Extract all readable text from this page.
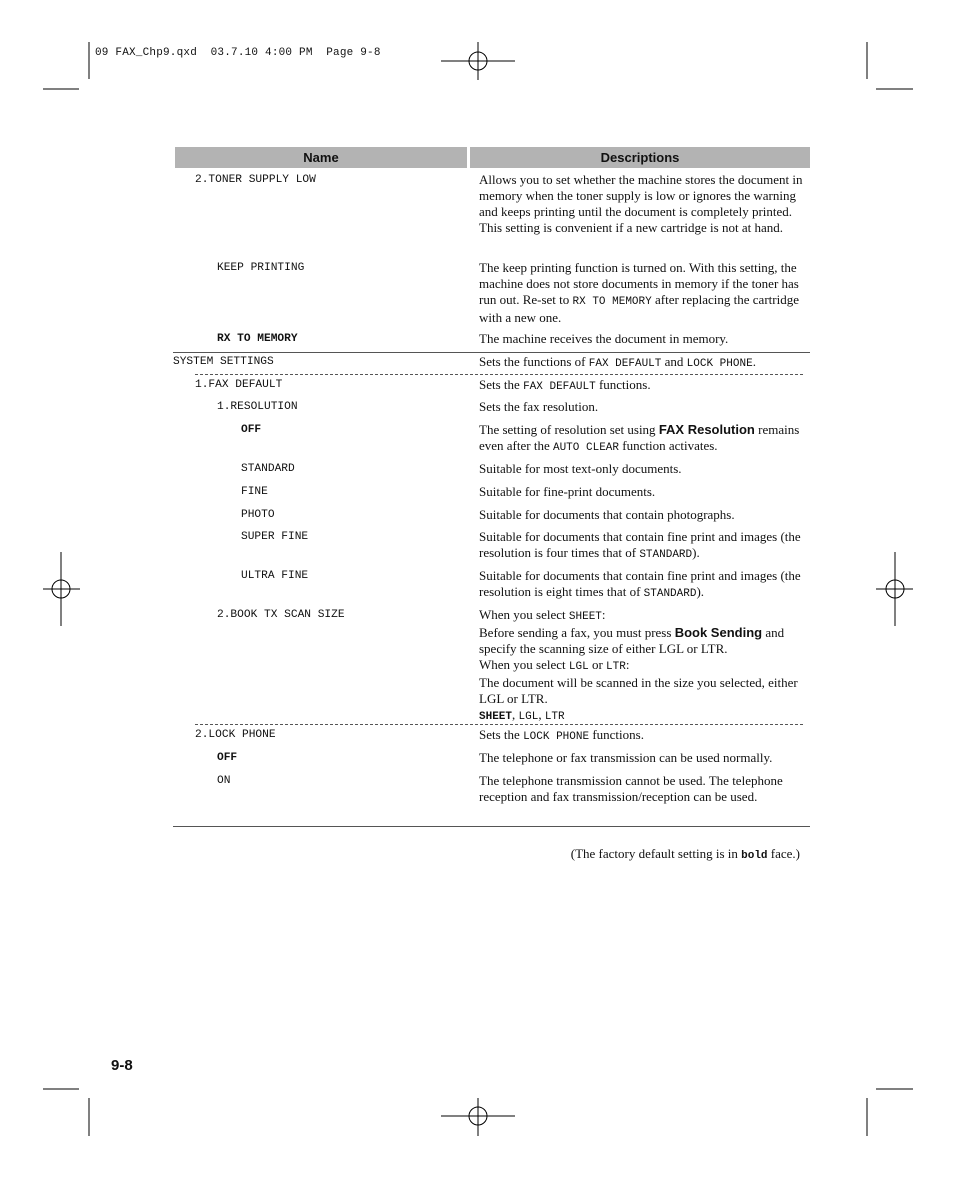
09 FAX_Chp9.qxd  03.7.10 4:00 PM  Page 9-8
Name	Descriptions
2.TONER SUPPLY LOW	Allows you to set whether the machine stores the document in memory when the toner supply is low or ignores the warning and keeps printing until the document is completely printed. This setting is convenient if a new cartridge is not at hand.
KEEP PRINTING	The keep printing function is turned on. With this setting, the machine does not store documents in memory if the toner has run out. Re-set to RX TO MEMORY after replacing the cartridge with a new one.
RX TO MEMORY	The machine receives the document in memory.
SYSTEM SETTINGS	Sets the functions of FAX DEFAULT and LOCK PHONE.
1.FAX DEFAULT	Sets the FAX DEFAULT functions.
1.RESOLUTION	Sets the fax resolution.
OFF	The setting of resolution set using FAX Resolution remains even after the AUTO CLEAR function activates.
STANDARD	Suitable for most text-only documents.
FINE	Suitable for fine-print documents.
PHOTO	Suitable for documents that contain photographs.
SUPER FINE	Suitable for documents that contain fine print and images (the resolution is four times that of STANDARD).
ULTRA FINE	Suitable for documents that contain fine print and images (the resolution is eight times that of STANDARD).
2.BOOK TX SCAN SIZE	When you select SHEET:
Before sending a fax, you must press Book Sending and specify the scanning size of either LGL or LTR.
When you select LGL or LTR:
The document will be scanned in the size you selected, either LGL or LTR.
SHEET, LGL, LTR
2.LOCK PHONE	Sets the LOCK PHONE functions.
OFF	The telephone or fax transmission can be used normally.
ON	The telephone transmission cannot be used. The telephone reception and fax transmission/reception can be used.
(The factory default setting is in bold face.)
9-8
